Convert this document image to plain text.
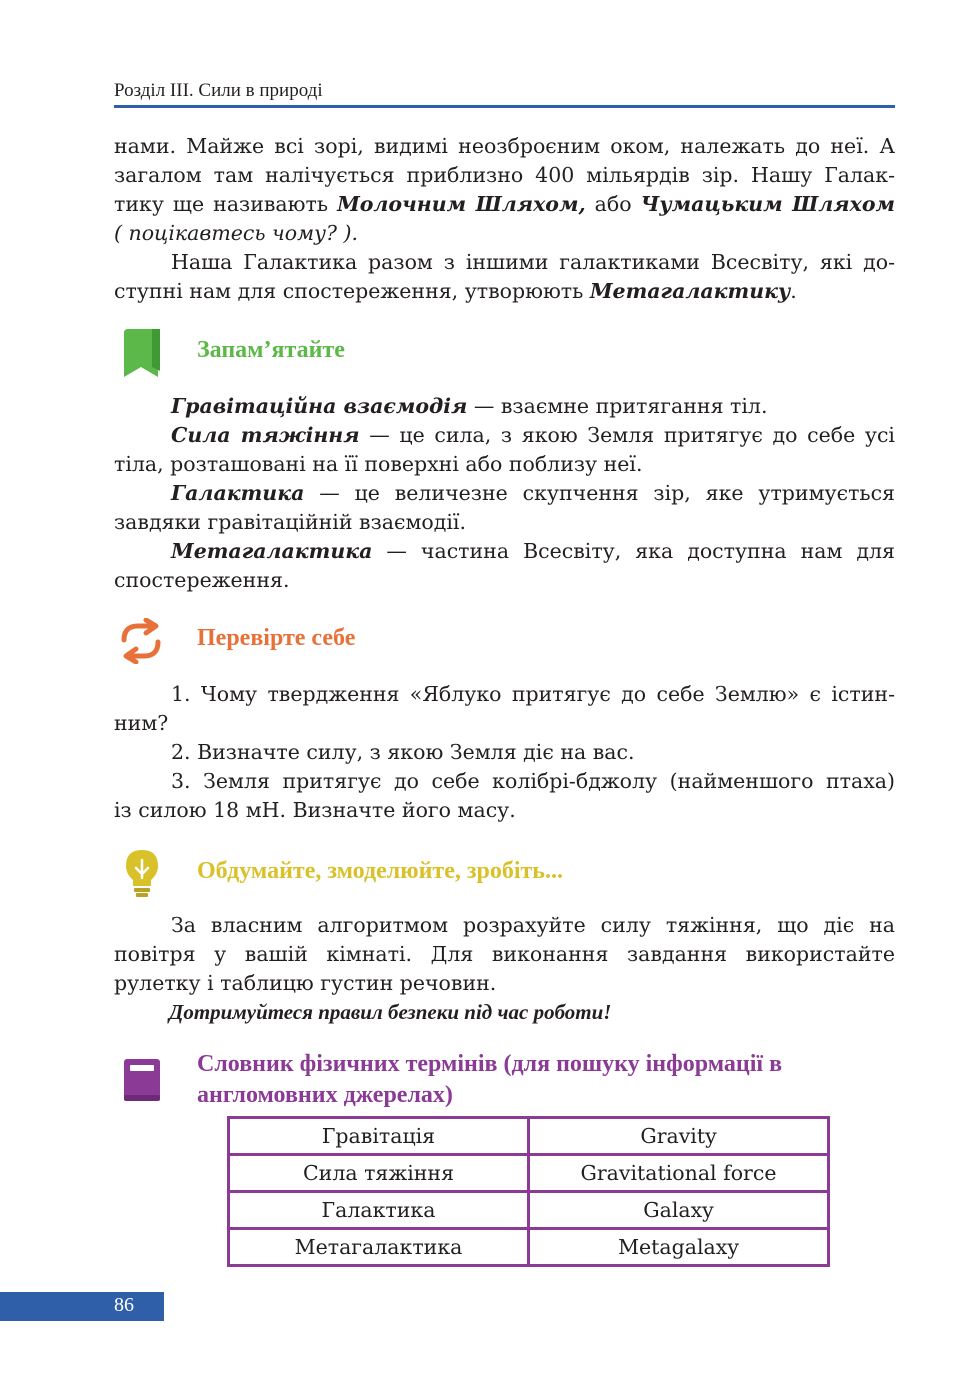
Розділ ІІІ. Сили в природі

нами. Майже всі зорі, видимі неозброєним оком, належать до неї. А

загалом там налічується приблизно 400 мільярдів зір. Нашу Галак-

тику ще називають Молочним Шляхом, або Чумацьким Шляхом

( поцікавтесь чому? ).

Наша Галактика разом з іншими галактиками Всесвіту, які до-

ступні нам для спостереження, утворюють Метагалактику.

Запам’ятайте

Гравітаційна взаємодія — взаємне притягання тіл.

Сила тяжіння — це сила, з якою Земля притягує до себе усі

тіла, розташовані на її поверхні або поблизу неї.

Галактика — це величезне скупчення зір, яке утримується

завдяки гравітаційній взаємодії.

Метагалактика — частина Всесвіту, яка доступна нам для

спостереження.

Перевірте себе

1. Чому твердження «Яблуко притягує до себе Землю» є істин-

ним?

2. Визначте силу, з якою Земля діє на вас.

3. Земля притягує до себе колібрі-бджолу (найменшого птаха)

із силою 18 мН. Визначте його масу.

Обдумайте, змоделюйте, зробіть...

За власним алгоритмом розрахуйте силу тяжіння, що діє на

повітря у вашій кімнаті. Для виконання завдання використайте

рулетку і таблицю густин речовин.

Дотримуйтеся правил безпеки під час роботи!

Словник фізичних термінів (для пошуку інформації в
англомовних джерелах)
Гравітація	Gravity
Сила тяжіння	Gravitational force
Галактика	Galaxy
Метагалактика	Metagalaxy
86
